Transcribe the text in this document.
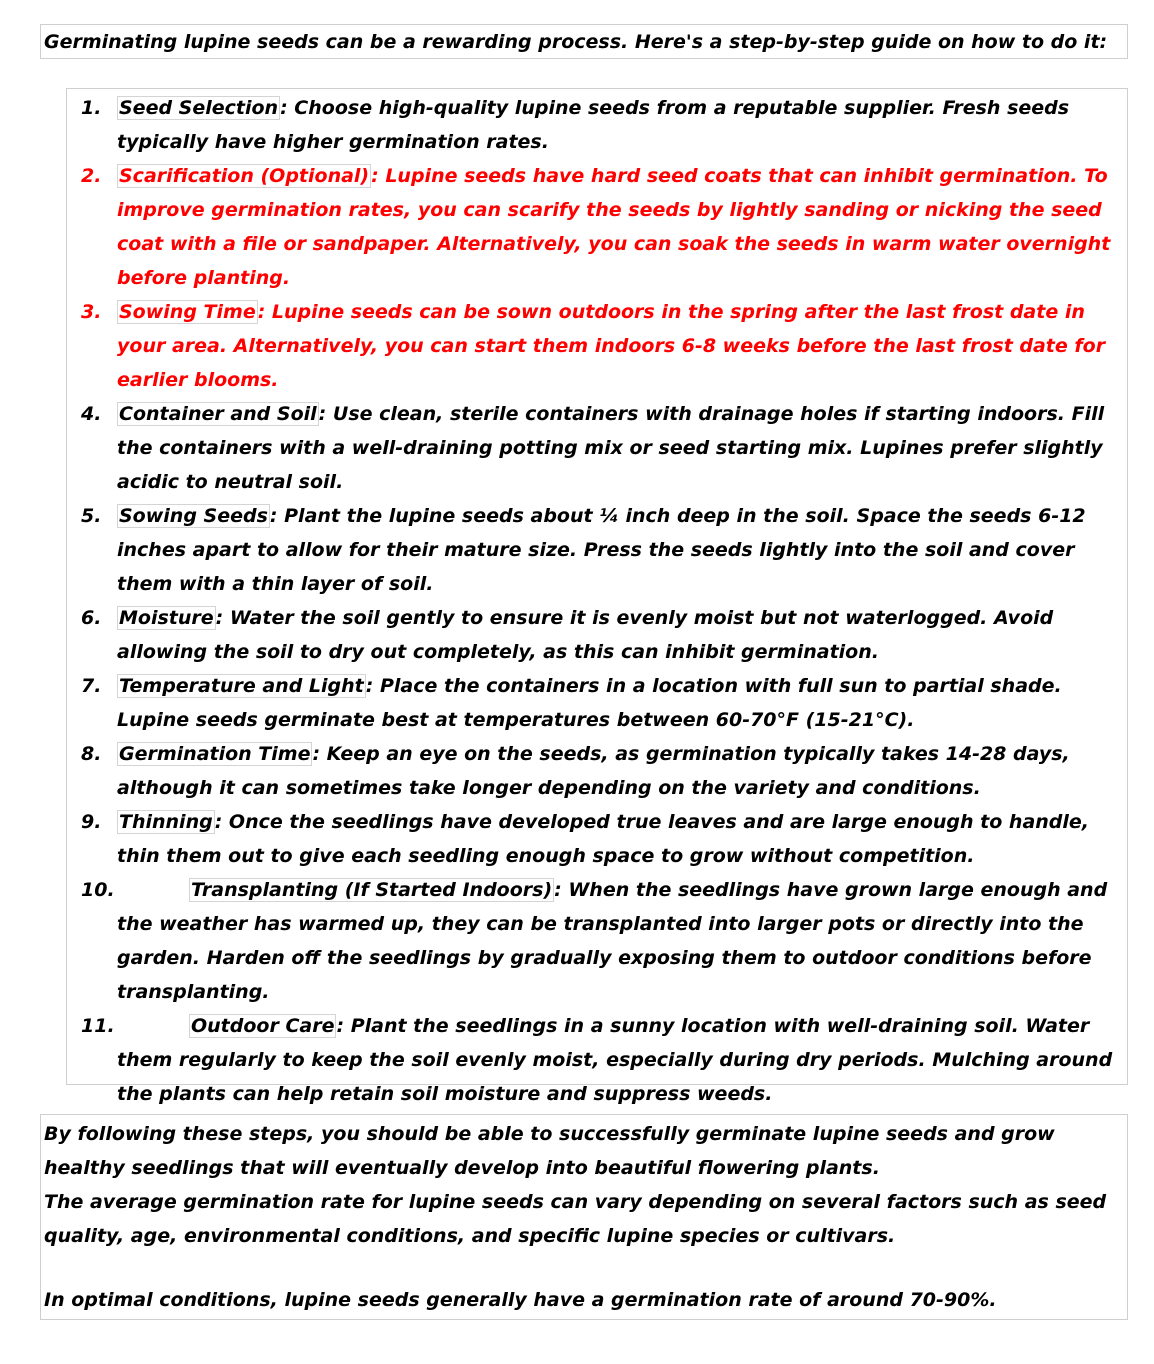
Germinating lupine seeds can be a rewarding process. Here's a step-by-step guide on how to do it:
1. Seed Selection : Choose high-quality lupine seeds from a reputable supplier. Fresh seeds typically have higher germination rates.
2. Scarification (Optional) : Lupine seeds have hard seed coats that can inhibit germination. To improve germination rates, you can scarify the seeds by lightly sanding or nicking the seed coat with a file or sandpaper. Alternatively, you can soak the seeds in warm water overnight before planting.
3. Sowing Time : Lupine seeds can be sown outdoors in the spring after the last frost date in your area. Alternatively, you can start them indoors 6-8 weeks before the last frost date for earlier blooms.
4. Container and Soil : Use clean, sterile containers with drainage holes if starting indoors. Fill the containers with a well-draining potting mix or seed starting mix. Lupines prefer slightly acidic to neutral soil.
5. Sowing Seeds : Plant the lupine seeds about ¼ inch deep in the soil. Space the seeds 6-12 inches apart to allow for their mature size. Press the seeds lightly into the soil and cover them with a thin layer of soil.
6. Moisture : Water the soil gently to ensure it is evenly moist but not waterlogged. Avoid allowing the soil to dry out completely, as this can inhibit germination.
7. Temperature and Light : Place the containers in a location with full sun to partial shade. Lupine seeds germinate best at temperatures between 60-70°F (15-21°C).
8. Germination Time : Keep an eye on the seeds, as germination typically takes 14-28 days, although it can sometimes take longer depending on the variety and conditions.
9. Thinning : Once the seedlings have developed true leaves and are large enough to handle, thin them out to give each seedling enough space to grow without competition.
10.	Transplanting (If Started Indoors) : When the seedlings have grown large enough and the weather has warmed up, they can be transplanted into larger pots or directly into the garden. Harden off the seedlings by gradually exposing them to outdoor conditions before transplanting.
11.	Outdoor Care : Plant the seedlings in a sunny location with well-draining soil. Water them regularly to keep the soil evenly moist, especially during dry periods. Mulching around the plants can help retain soil moisture and suppress weeds.

By following these steps, you should be able to successfully germinate lupine seeds and grow healthy seedlings that will eventually develop into beautiful flowering plants.

The average germination rate for lupine seeds can vary depending on several factors such as seed quality, age, environmental conditions, and specific lupine species or cultivars.

In optimal conditions, lupine seeds generally have a germination rate of around 70-90%.
